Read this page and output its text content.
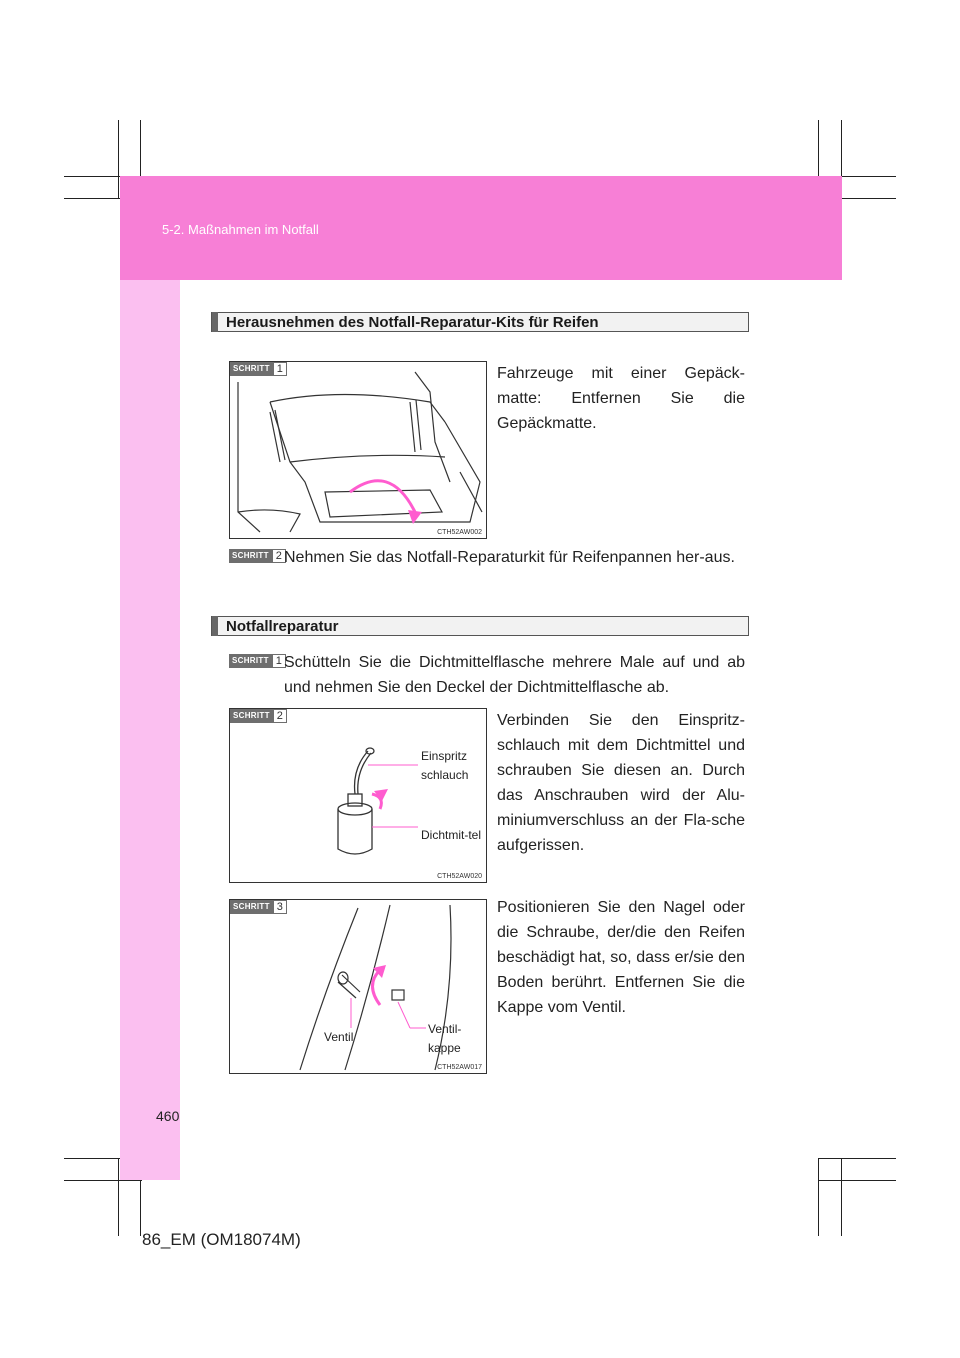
5-2. Maßnahmen im Notfall
Herausnehmen des Notfall-Reparatur-Kits für Reifen
SCHRITT 1
CTH52AW002
Fahrzeuge mit einer Gepäck-matte: Entfernen Sie die Gepäckmatte.
SCHRITT 2 Nehmen Sie das Notfall-Reparaturkit für Reifenpannen her-aus.
Notfallreparatur
SCHRITT 1 Schütteln Sie die Dichtmittelflasche mehrere Male auf und ab und nehmen Sie den Deckel der Dichtmittelflasche ab.
SCHRITT 2
Einspritz schlauch
Dichtmit-tel
CTH52AW020
Verbinden Sie den Einspritz-schlauch mit dem Dichtmittel und schrauben Sie diesen an. Durch das Anschrauben wird der Alu-miniumverschluss an der Fla-sche aufgerissen.
SCHRITT 3
Ventil
Ventil-kappe
CTH52AW017
Positionieren Sie den Nagel oder die Schraube, der/die den Reifen beschädigt hat, so, dass er/sie den Boden berührt. Entfernen Sie die Kappe vom Ventil.
460
86_EM (OM18074M)
